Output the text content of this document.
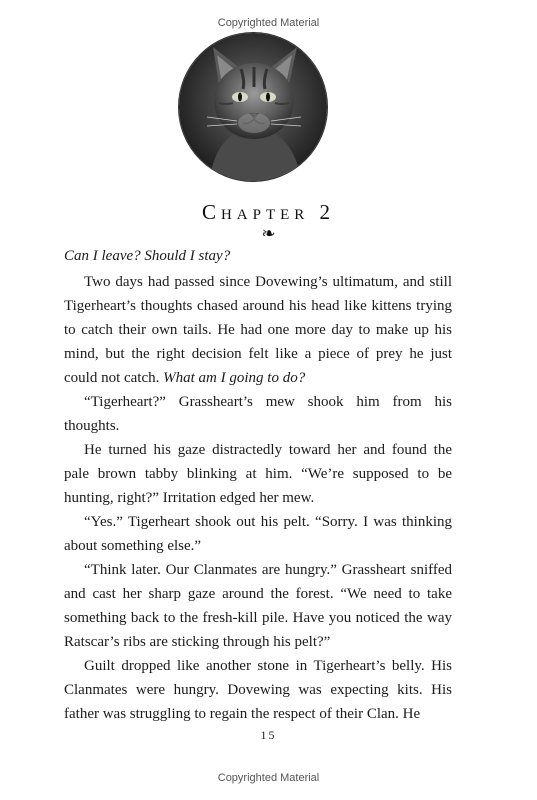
Copyrighted Material
Chapter 2
❧

Can I leave? Should I stay?

Two days had passed since Dovewing’s ultimatum, and still Tigerheart’s thoughts chased around his head like kittens trying to catch their own tails. He had one more day to make up his mind, but the right decision felt like a piece of prey he just could not catch. What am I going to do?

“Tigerheart?” Grassheart’s mew shook him from his thoughts.

He turned his gaze distractedly toward her and found the pale brown tabby blinking at him. “We’re supposed to be hunting, right?” Irritation edged her mew.

“Yes.” Tigerheart shook out his pelt. “Sorry. I was thinking about something else.”

“Think later. Our Clanmates are hungry.” Grassheart sniffed and cast her sharp gaze around the forest. “We need to take something back to the fresh-kill pile. Have you noticed the way Ratscar’s ribs are sticking through his pelt?”

Guilt dropped like another stone in Tigerheart’s belly. His Clanmates were hungry. Dovewing was expecting kits. His father was struggling to regain the respect of their Clan. He

15
Copyrighted Material
